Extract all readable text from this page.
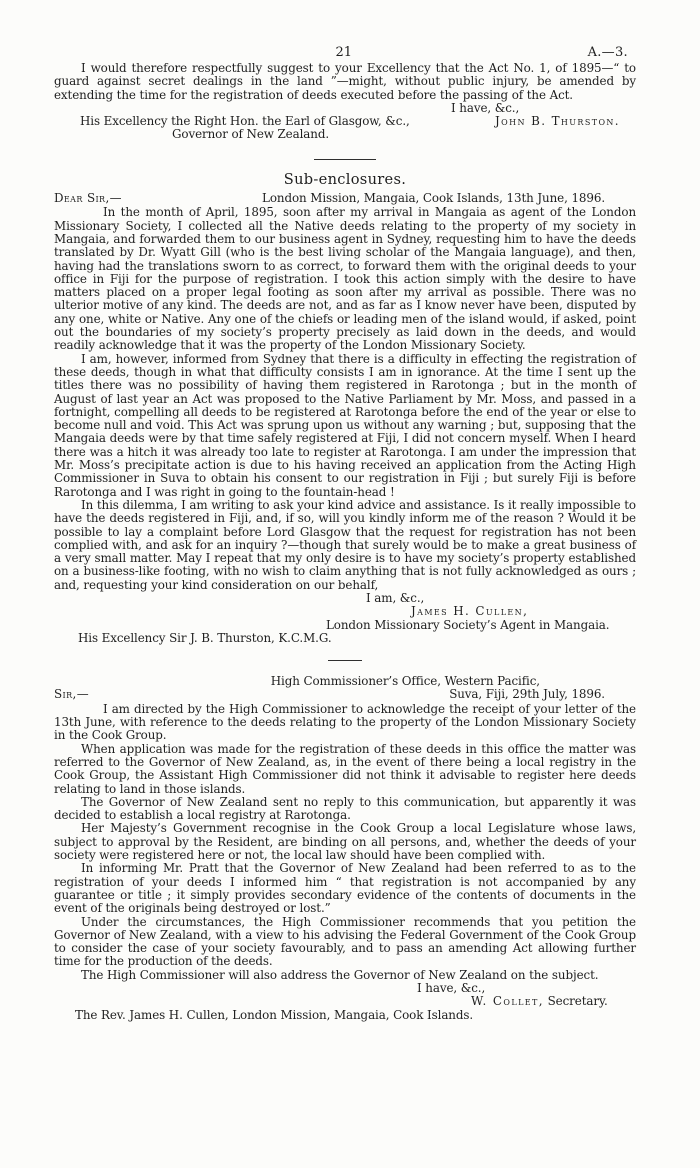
21	A.—3.

I would therefore respectfully suggest to your Excellency that the Act No. 1, of 1895—“ to guard against secret dealings in the land ”—might, without public injury, be amended by extending the time for the registration of deeds executed before the passing of the Act.

I have, &c.,
His Excellency the Right Hon. the Earl of Glasgow, &c.,	John B. Thurston.
Governor of New Zealand.
Sub-enclosures.
Dear Sir,—	London Mission, Mangaia, Cook Islands, 13th June, 1896.

In the month of April, 1895, soon after my arrival in Mangaia as agent of the London Missionary Society, I collected all the Native deeds relating to the property of my society in Mangaia, and forwarded them to our business agent in Sydney, requesting him to have the deeds translated by Dr. Wyatt Gill (who is the best living scholar of the Mangaia language), and then, having had the translations sworn to as correct, to forward them with the original deeds to your office in Fiji for the purpose of registration. I took this action simply with the desire to have matters placed on a proper legal footing as soon after my arrival as possible. There was no ulterior motive of any kind. The deeds are not, and as far as I know never have been, disputed by any one, white or Native. Any one of the chiefs or leading men of the island would, if asked, point out the boundaries of my society’s property precisely as laid down in the deeds, and would readily acknowledge that it was the property of the London Missionary Society.

I am, however, informed from Sydney that there is a difficulty in effecting the registration of these deeds, though in what that difficulty consists I am in ignorance. At the time I sent up the titles there was no possibility of having them registered in Rarotonga ; but in the month of August of last year an Act was proposed to the Native Parliament by Mr. Moss, and passed in a fortnight, compelling all deeds to be registered at Rarotonga before the end of the year or else to become null and void. This Act was sprung upon us without any warning ; but, supposing that the Mangaia deeds were by that time safely registered at Fiji, I did not concern myself. When I heard there was a hitch it was already too late to register at Rarotonga. I am under the impression that Mr. Moss’s precipitate action is due to his having received an application from the Acting High Commissioner in Suva to obtain his consent to our registration in Fiji ; but surely Fiji is before Rarotonga and I was right in going to the fountain-head !

In this dilemma, I am writing to ask your kind advice and assistance. Is it really impossible to have the deeds registered in Fiji, and, if so, will you kindly inform me of the reason ? Would it be possible to lay a complaint before Lord Glasgow that the request for registration has not been complied with, and ask for an inquiry ?—though that surely would be to make a great business of a very small matter. May I repeat that my only desire is to have my society’s property established on a business-like footing, with no wish to claim anything that is not fully acknowledged as ours ; and, requesting your kind consideration on our behalf,

I am, &c.,
James H. Cullen,
London Missionary Society’s Agent in Mangaia.
His Excellency Sir J. B. Thurston, K.C.M.G.
High Commissioner’s Office, Western Pacific,
Sir,—	Suva, Fiji, 29th July, 1896.

I am directed by the High Commissioner to acknowledge the receipt of your letter of the 13th June, with reference to the deeds relating to the property of the London Missionary Society in the Cook Group.

When application was made for the registration of these deeds in this office the matter was referred to the Governor of New Zealand, as, in the event of there being a local registry in the Cook Group, the Assistant High Commissioner did not think it advisable to register here deeds relating to land in those islands.

The Governor of New Zealand sent no reply to this communication, but apparently it was decided to establish a local registry at Rarotonga.

Her Majesty’s Government recognise in the Cook Group a local Legislature whose laws, subject to approval by the Resident, are binding on all persons, and, whether the deeds of your society were registered here or not, the local law should have been complied with.

In informing Mr. Pratt that the Governor of New Zealand had been referred to as to the registration of your deeds I informed him “ that registration is not accompanied by any guarantee or title ; it simply provides secondary evidence of the contents of documents in the event of the originals being destroyed or lost.”

Under the circumstances, the High Commissioner recommends that you petition the Governor of New Zealand, with a view to his advising the Federal Government of the Cook Group to consider the case of your society favourably, and to pass an amending Act allowing further time for the production of the deeds.

The High Commissioner will also address the Governor of New Zealand on the subject.

I have, &c.,
W. Collet, Secretary.
The Rev. James H. Cullen, London Mission, Mangaia, Cook Islands.
